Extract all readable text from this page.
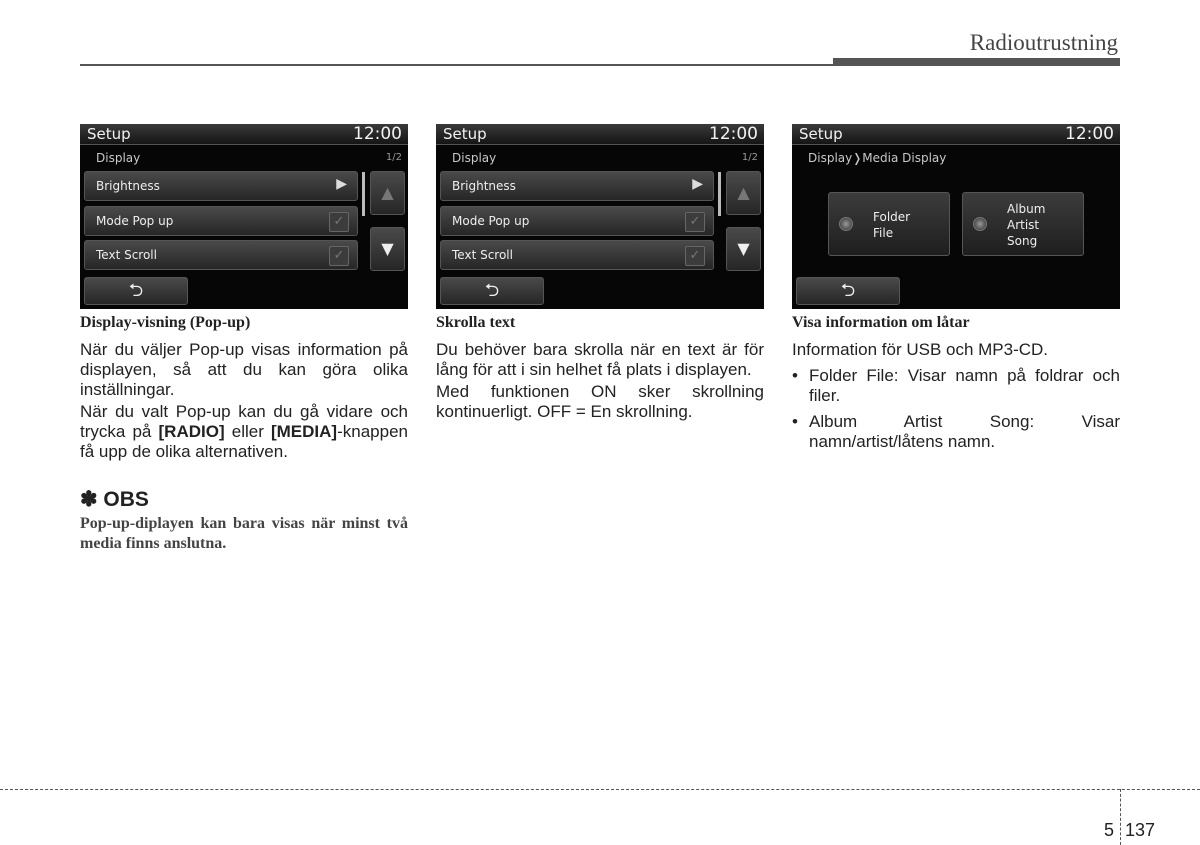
Radioutrustning
Setup	12:00
Display	1/2
Brightness	▶
Mode Pop up	✓
Text Scroll	✓
▲
▼
⮌
Setup	12:00
Display	1/2
Brightness	▶
Mode Pop up	✓
Text Scroll	✓
▲
▼
⮌
Setup	12:00
Display❭Media Display
Folder
File
Album
Artist
Song
⮌
Display-visning (Pop-up)

När du väljer Pop-up visas information på displayen, så att du kan göra olika inställningar.

När du valt Pop-up kan du gå vidare och trycka på [RADIO] eller [MEDIA]-knappen få upp de olika alternativen.

✽ OBS

Pop-up-diplayen kan bara visas när minst två media finns anslutna.

Skrolla text

Du behöver bara skrolla när en text är för lång för att i sin helhet få plats i displayen.

Med funktionen ON sker skrollning kontinuerligt. OFF = En skrollning.

Visa information om låtar

Information för USB och MP3-CD.

• Folder File: Visar namn på foldrar och filer.
• Album Artist Song: Visar namn/artist/låtens namn.
5 137
